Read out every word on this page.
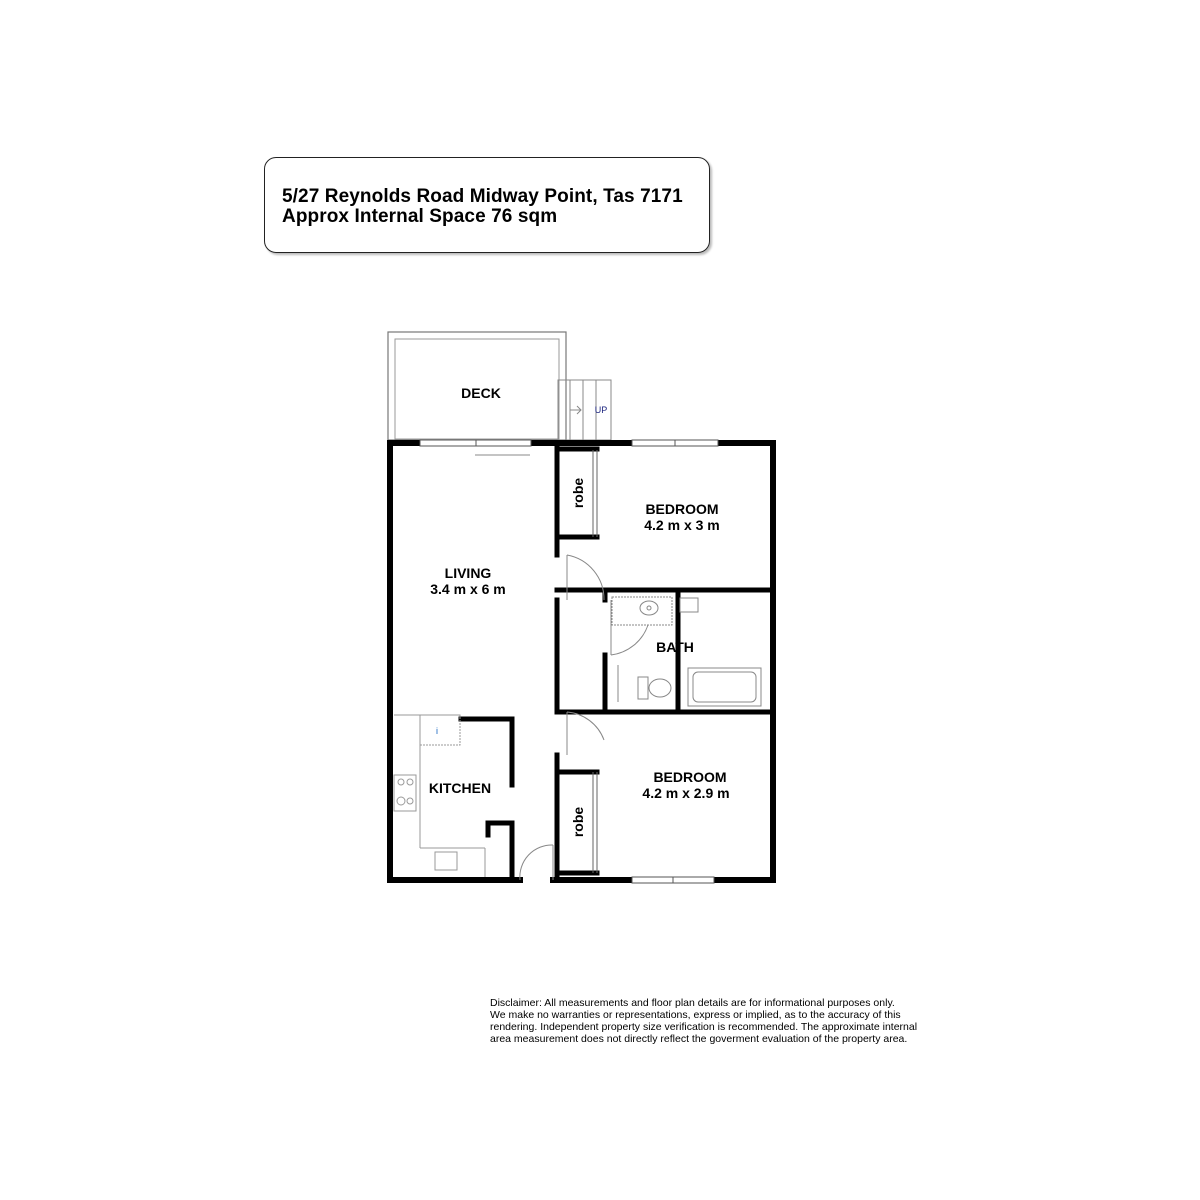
5/27 Reynolds Road Midway Point, Tas 7171
Approx Internal Space 76 sqm
DECK
UP
LIVING
3.4 m x 6 m
BEDROOM
4.2 m x 3 m
BATH
BEDROOM
4.2 m x 2.9 m
KITCHEN
robe
robe
i
Disclaimer: All measurements and floor plan details are for informational purposes only.
We make no warranties or representations, express or implied, as to the accuracy of this
rendering. Independent property size verification is recommended. The approximate internal
area measurement does not directly reflect the goverment evaluation of the property area.
